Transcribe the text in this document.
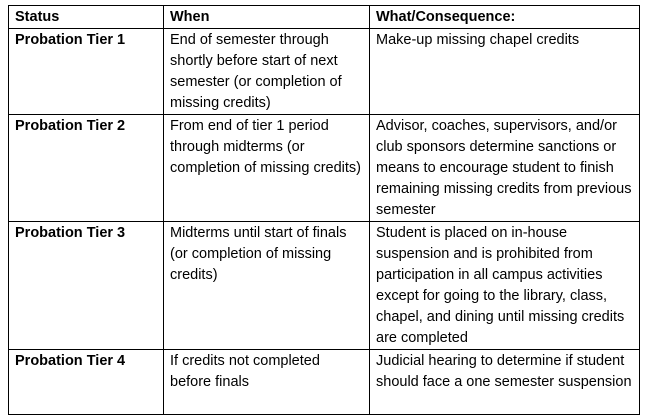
Status	When	What/Consequence:
Probation Tier 1	End of semester through shortly before start of next semester (or completion of missing credits)	Make-up missing chapel credits
Probation Tier 2	From end of tier 1 period through midterms (or completion of missing credits)	Advisor, coaches, supervisors, and/or club sponsors determine sanctions or means to encourage student to finish remaining missing credits from previous semester
Probation Tier 3	Midterms until start of finals (or completion of missing credits)	Student is placed on in-house suspension and is prohibited from participation in all campus activities except for going to the library, class, chapel, and dining until missing credits are completed
Probation Tier 4	If credits not completed before finals	Judicial hearing to determine if student should face a one semester suspension
